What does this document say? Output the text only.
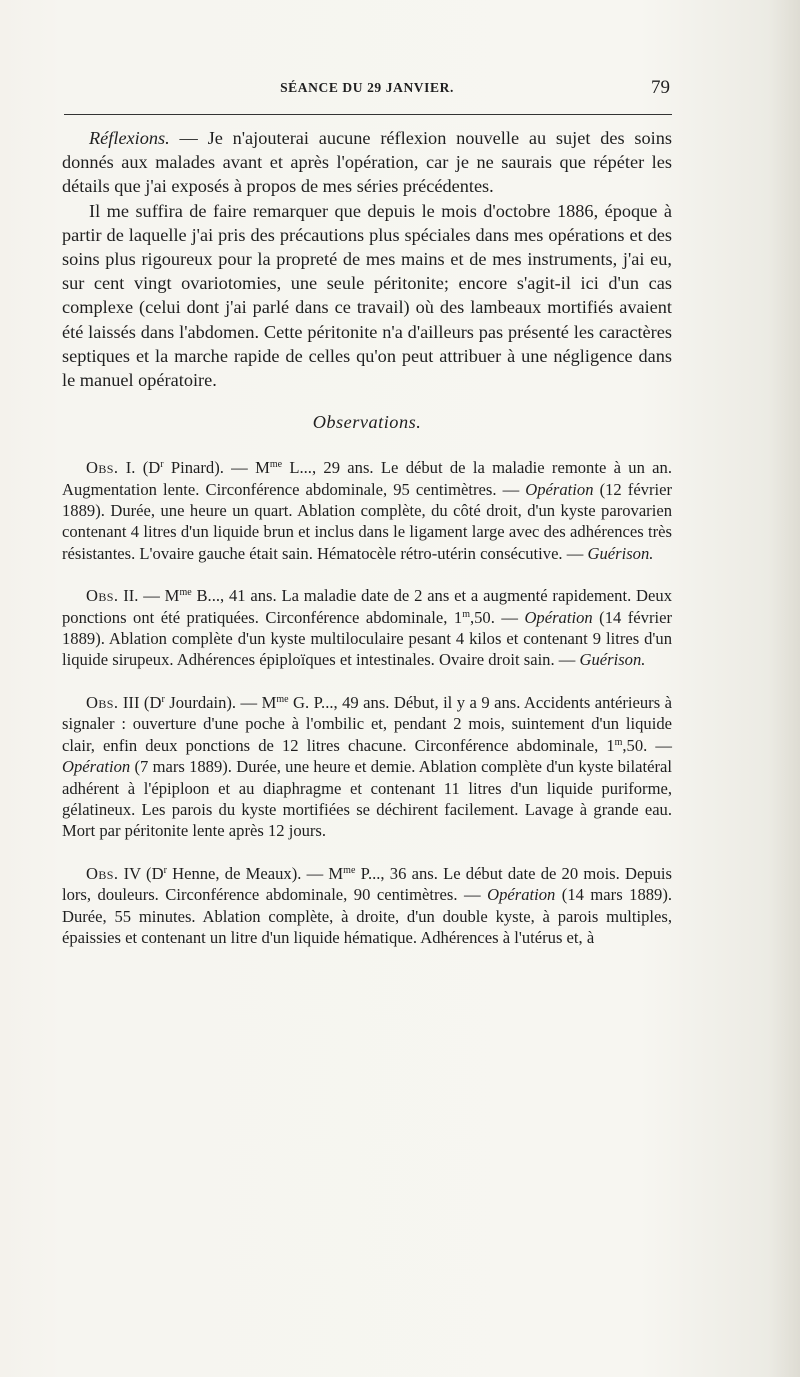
SÉANCE DU 29 JANVIER.	79

Réflexions. — Je n'ajouterai aucune réflexion nouvelle au sujet des soins donnés aux malades avant et après l'opération, car je ne saurais que répéter les détails que j'ai exposés à propos de mes séries précédentes.

Il me suffira de faire remarquer que depuis le mois d'octobre 1886, époque à partir de laquelle j'ai pris des précautions plus spéciales dans mes opérations et des soins plus rigoureux pour la propreté de mes mains et de mes instruments, j'ai eu, sur cent vingt ovariotomies, une seule péritonite; encore s'agit-il ici d'un cas complexe (celui dont j'ai parlé dans ce travail) où des lambeaux mortifiés avaient été laissés dans l'abdomen. Cette péritonite n'a d'ailleurs pas présenté les caractères septiques et la marche rapide de celles qu'on peut attribuer à une négligence dans le manuel opératoire.

Observations.

Obs. I. ($D^r$ Pinard). — $M^{me}$ L..., 29 ans. Le début de la maladie remonte à un an. Augmentation lente. Circonférence abdominale, 95 centimètres. — Opération (12 février 1889). Durée, une heure un quart. Ablation complète, du côté droit, d'un kyste parovarien contenant 4 litres d'un liquide brun et inclus dans le ligament large avec des adhérences très résistantes. L'ovaire gauche était sain. Hématocèle rétro-utérin consécutive. — Guérison.

Obs. II. — $M^{me}$ B..., 41 ans. La maladie date de 2 ans et a augmenté rapidement. Deux ponctions ont été pratiquées. Circonférence abdominale, 1$^m$,50. — Opération (14 février 1889). Ablation complète d'un kyste multiloculaire pesant 4 kilos et contenant 9 litres d'un liquide sirupeux. Adhérences épiploïques et intestinales. Ovaire droit sain. — Guérison.

Obs. III ($D^r$ Jourdain). — $M^{me}$ G. P..., 49 ans. Début, il y a 9 ans. Accidents antérieurs à signaler : ouverture d'une poche à l'ombilic et, pendant 2 mois, suintement d'un liquide clair, enfin deux ponctions de 12 litres chacune. Circonférence abdominale, 1$^m$,50. — Opération (7 mars 1889). Durée, une heure et demie. Ablation complète d'un kyste bilatéral adhérent à l'épiploon et au diaphragme et contenant 11 litres d'un liquide puriforme, gélatineux. Les parois du kyste mortifiées se déchirent facilement. Lavage à grande eau. Mort par péritonite lente après 12 jours.

Obs. IV ($D^r$ Henne, de Meaux). — $M^{me}$ P..., 36 ans. Le début date de 20 mois. Depuis lors, douleurs. Circonférence abdominale, 90 centimètres. — Opération (14 mars 1889). Durée, 55 minutes. Ablation complète, à droite, d'un double kyste, à parois multiples, épaissies et contenant un litre d'un liquide hématique. Adhérences à l'utérus et, à
